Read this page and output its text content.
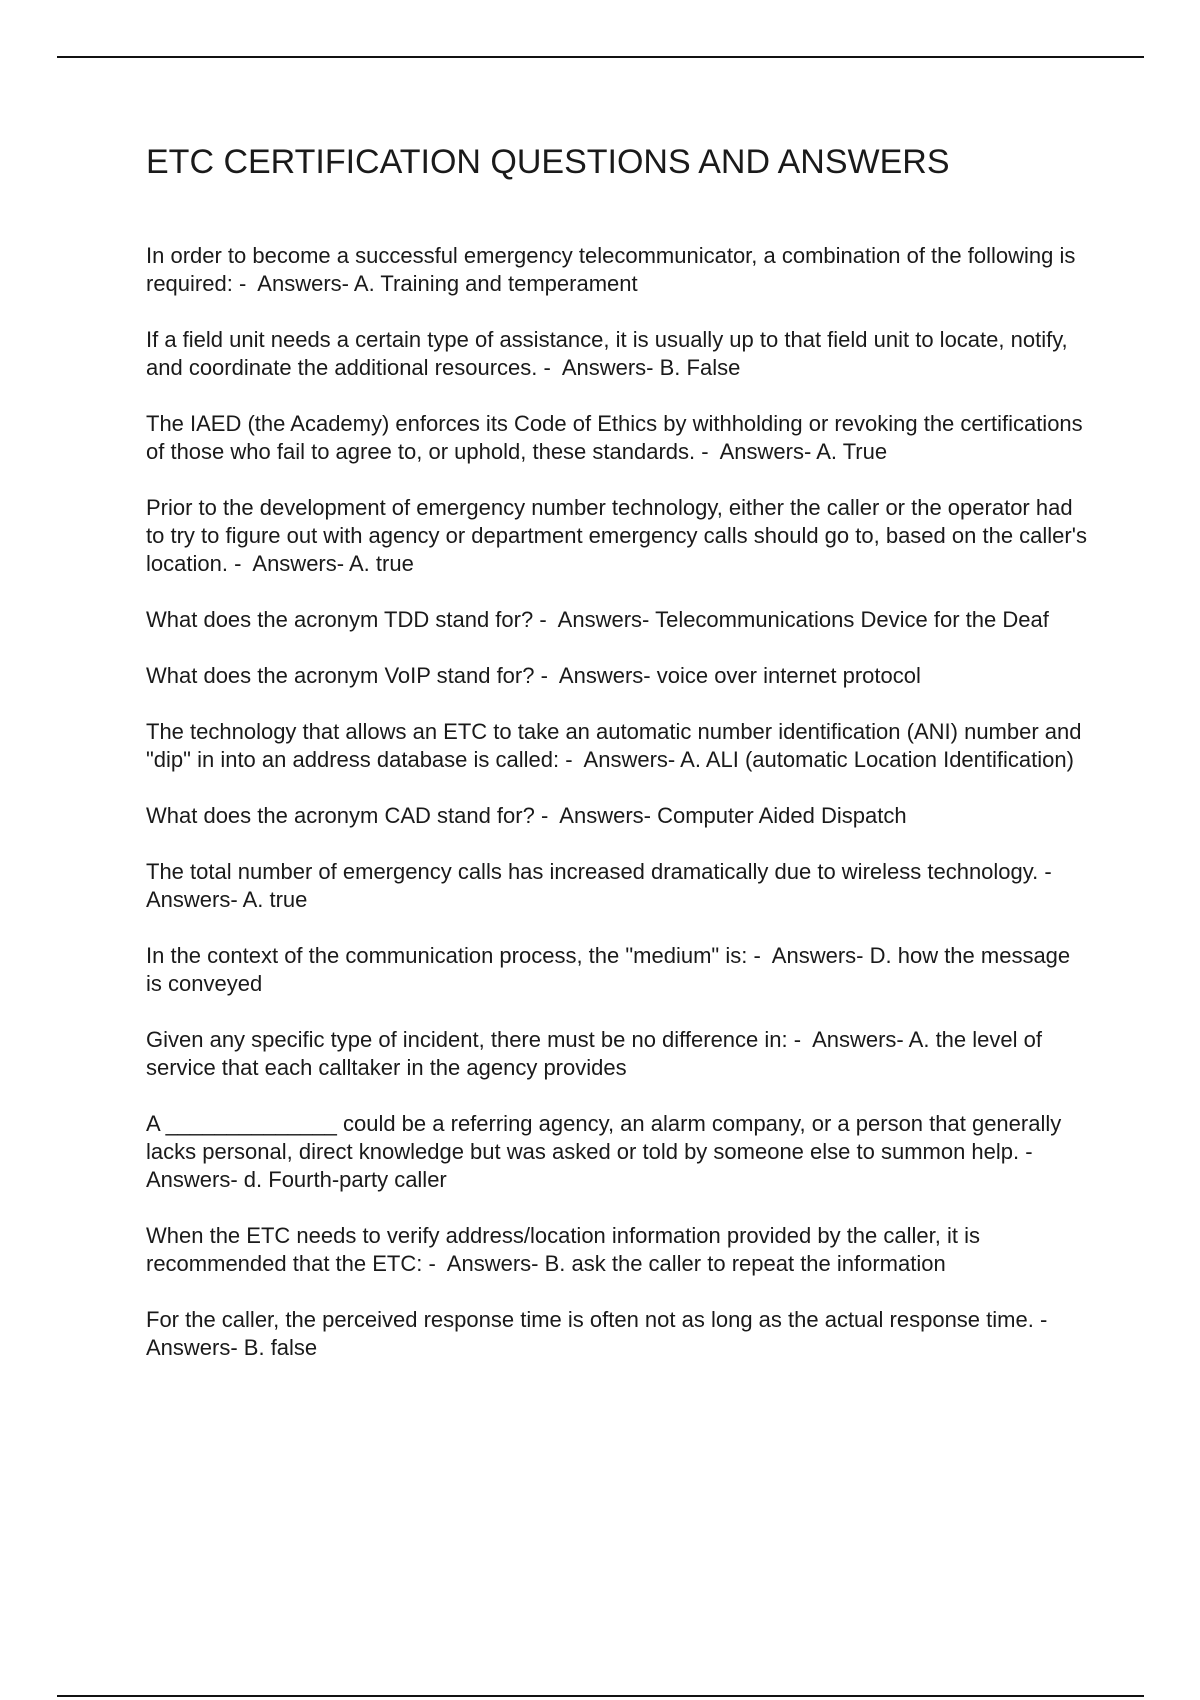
ETC CERTIFICATION QUESTIONS AND ANSWERS
In order to become a successful emergency telecommunicator, a combination of the following is required: -  Answers- A. Training and temperament
If a field unit needs a certain type of assistance, it is usually up to that field unit to locate, notify, and coordinate the additional resources. -  Answers- B. False
The IAED (the Academy) enforces its Code of Ethics by withholding or revoking the certifications of those who fail to agree to, or uphold, these standards. -  Answers- A. True
Prior to the development of emergency number technology, either the caller or the operator had to try to figure out with agency or department emergency calls should go to, based on the caller's location. -  Answers- A. true
What does the acronym TDD stand for? -  Answers- Telecommunications Device for the Deaf
What does the acronym VoIP stand for? -  Answers- voice over internet protocol
The technology that allows an ETC to take an automatic number identification (ANI) number and "dip" in into an address database is called: -  Answers- A. ALI (automatic Location Identification)
What does the acronym CAD stand for? -  Answers- Computer Aided Dispatch
The total number of emergency calls has increased dramatically due to wireless technology. -  Answers- A. true
In the context of the communication process, the "medium" is: -  Answers- D. how the message is conveyed
Given any specific type of incident, there must be no difference in: -  Answers- A. the level of service that each calltaker in the agency provides
A ______________ could be a referring agency, an alarm company, or a person that generally lacks personal, direct knowledge but was asked or told by someone else to summon help. -  Answers- d. Fourth-party caller
When the ETC needs to verify address/location information provided by the caller, it is recommended that the ETC: -  Answers- B. ask the caller to repeat the information
For the caller, the perceived response time is often not as long as the actual response time. -  Answers- B. false
